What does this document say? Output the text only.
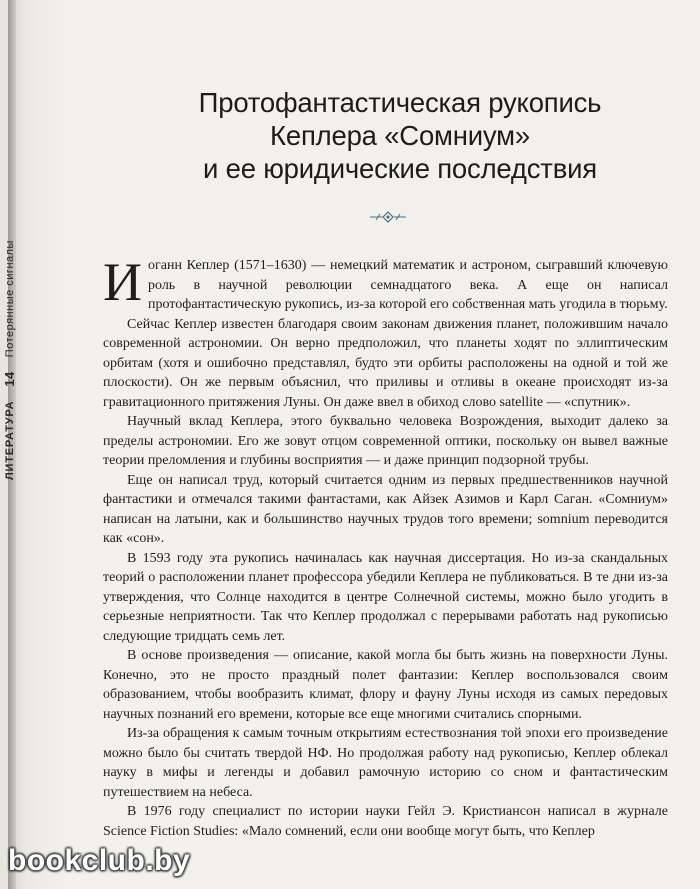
ЛИТЕРАТУРА
14
Потерянные сигналы
Протофантастическая рукопись
Кеплера «Сомниум»
и ее юридические последствия

Иоганн Кеплер (1571–1630) — немецкий математик и астроном, сыгравший ключевую роль в научной революции семнадцатого века. А еще он написал протофантастическую рукопись, из-за которой его собственная мать угодила в тюрьму.

Сейчас Кеплер известен благодаря своим законам движения планет, положившим начало современной астрономии. Он верно предположил, что планеты ходят по эллиптическим орбитам (хотя и ошибочно представлял, будто эти орбиты расположены на одной и той же плоскости). Он же первым объяснил, что приливы и отливы в океане происходят из-за гравитационного притяжения Луны. Он даже ввел в обиход слово satellite — «спутник».

Научный вклад Кеплера, этого буквально человека Возрождения, выходит далеко за пределы астрономии. Его же зовут отцом современной оптики, поскольку он вывел важные теории преломления и глубины восприятия — и даже принцип подзорной трубы.

Еще он написал труд, который считается одним из первых предшественников научной фантастики и отмечался такими фантастами, как Айзек Азимов и Карл Саган. «Сомниум» написан на латыни, как и большинство научных трудов того времени; somnium переводится как «сон».

В 1593 году эта рукопись начиналась как научная диссертация. Но из-за скандальных теорий о расположении планет профессора убедили Кеплера не публиковаться. В те дни из-за утверждения, что Солнце находится в центре Солнечной системы, можно было угодить в серьезные неприятности. Так что Кеплер продолжал с перерывами работать над рукописью следующие тридцать семь лет.

В основе произведения — описание, какой могла бы быть жизнь на поверхности Луны. Конечно, это не просто праздный полет фантазии: Кеплер воспользовался своим образованием, чтобы вообразить климат, флору и фауну Луны исходя из самых передовых научных познаний его времени, которые все еще многими считались спорными.

Из-за обращения к самым точным открытиям естествознания той эпохи его произведение можно было бы считать твердой НФ. Но продолжая работу над рукописью, Кеплер облекал науку в мифы и легенды и добавил рамочную историю со сном и фантастическим путешествием на небеса.

В 1976 году специалист по истории науки Гейл Э. Кристиансон написал в журнале Science Fiction Studies: «Мало сомнений, если они вообще могут быть, что Кеплер

bookclub.by
